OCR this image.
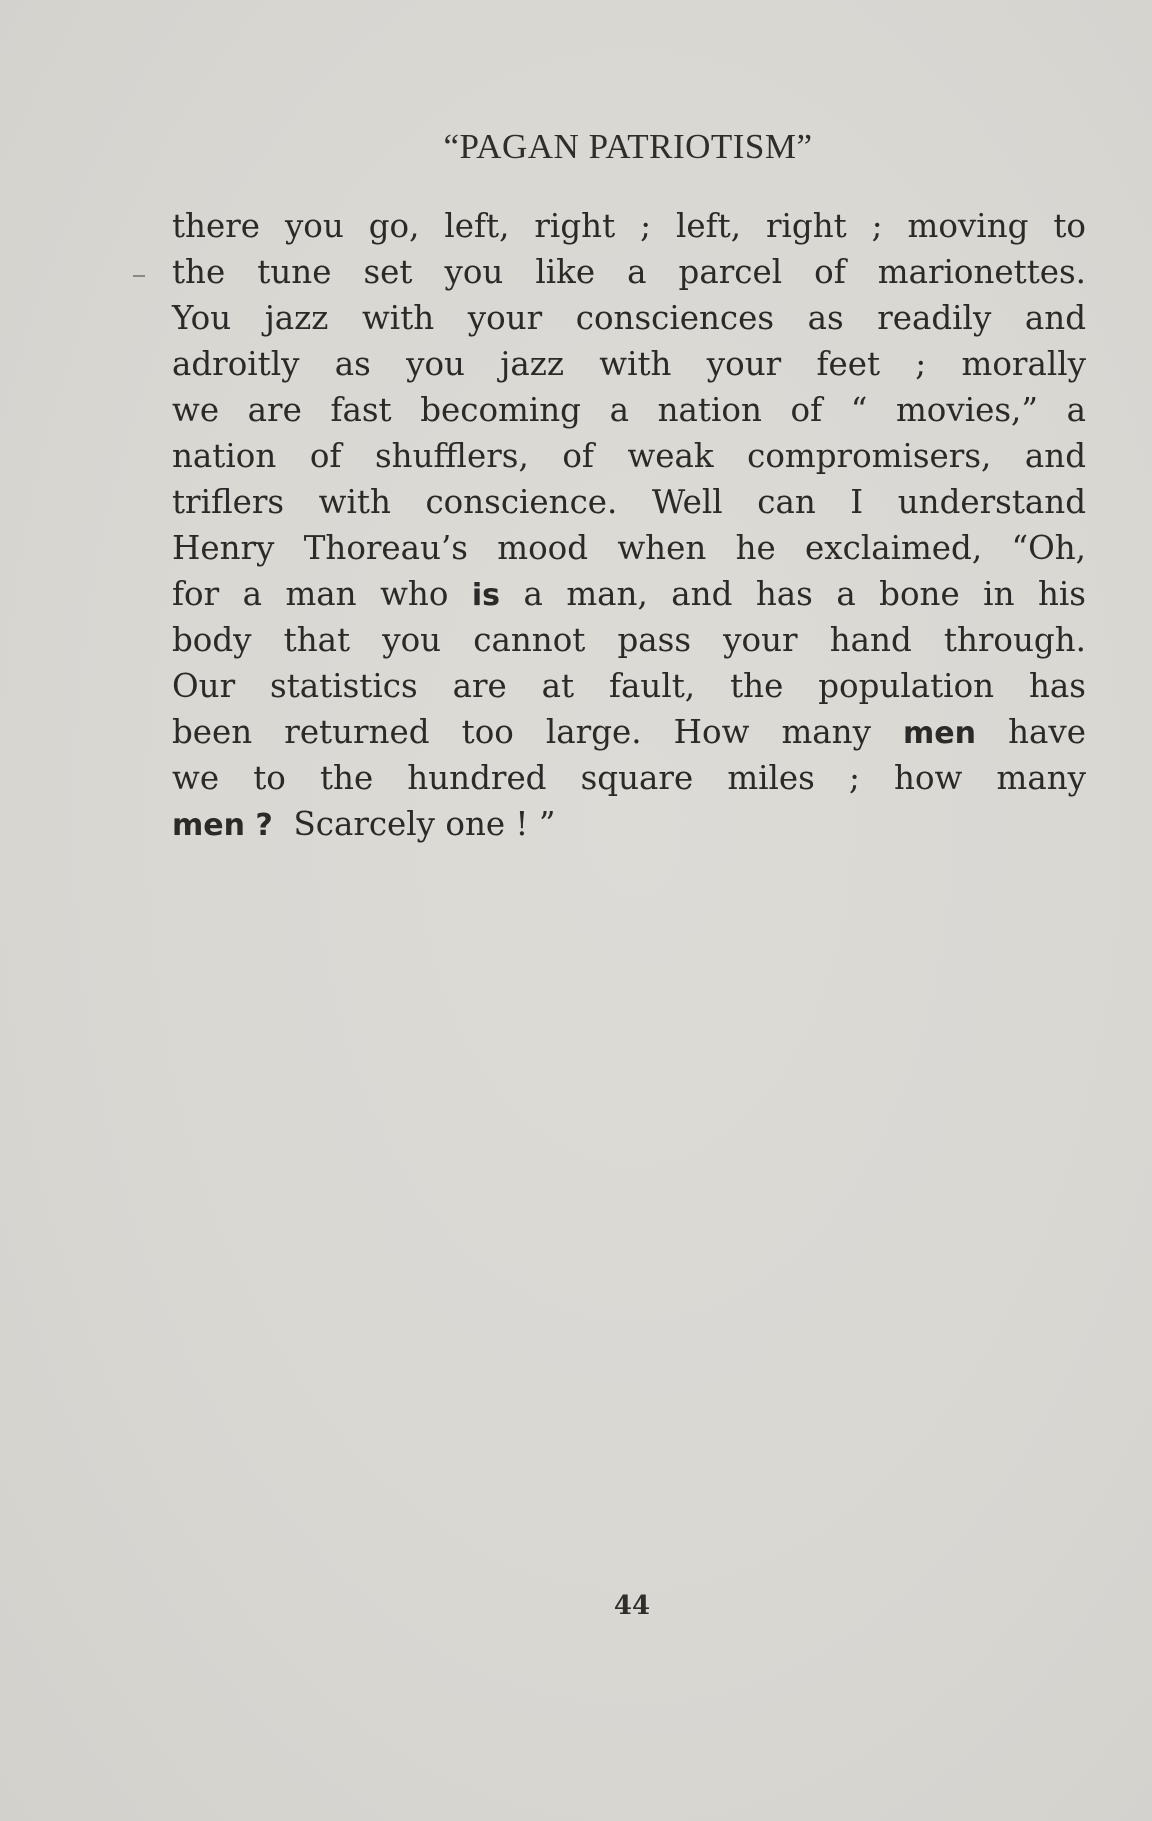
“PAGAN PATRIOTISM”
there you go, left, right ; left, right ; moving to
the tune set you like a parcel of marionettes.
You jazz with your consciences as readily and
adroitly as you jazz with your feet ; morally
we are fast becoming a nation of “ movies,” a
nation of shufflers, of weak compromisers, and
triflers with conscience. Well can I understand
Henry Thoreau’s mood when he exclaimed, “Oh,
for a man who is a man, and has a bone in his
body that you cannot pass your hand through.
Our statistics are at fault, the population has
been returned too large. How many men have
we to the hundred square miles ; how many
men ?  Scarcely one ! ”
44
